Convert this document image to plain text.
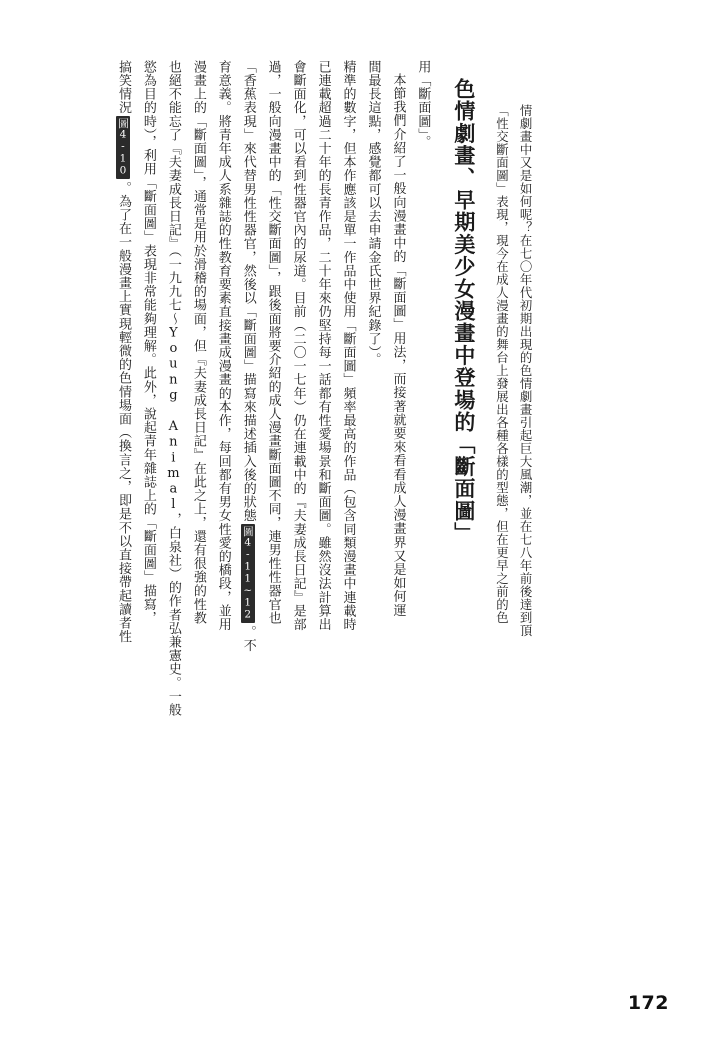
搞笑情況圖4-10。為了在一般漫畫上實現輕微的色情場面（換言之，即是不以直接帶起讀者性 慾為目的時），利用「斷面圖」表現非常能夠理解。此外，說起青年雜誌上的「斷面圖」描寫， 也絕不能忘了『夫妻成長日記』（一九九七～Young Animal，白泉社）的作者弘兼憲史。一般 漫畫上的「斷面圖」，通常是用於滑稽的場面，但『夫妻成長日記』在此之上，還有很強的性教 育意義。將青年成人系雜誌的性教育要素直接畫成漫畫的本作，每回都有男女性愛的橋段，並用 「香蕉表現」來代替男性性器官，然後以「斷面圖」描寫來描述插入後的狀態圖4-11~12。不
過，一般向漫畫中的「性交斷面圖」，跟後面將要介紹的成人漫畫斷面圖不同，連男性性器官也 會斷面化，可以看到性器官內的尿道。目前（二〇一七年）仍在連載中的『夫妻成長日記』是部 已連載超過二十年的長青作品，二十年來仍堅持每一話都有性愛場景和斷面圖。雖然沒法計算出 精準的數字，但本作應該是單一作品中使用「斷面圖」頻率最高的作品（包含同類漫畫中連載時 間最長這點，感覺都可以去申請金氏世界紀錄了）。 本節我們介紹了一般向漫畫中的「斷面圖」用法，而接著就要來看看成人漫畫界又是如何運 用「斷面圖」。 色情劇畫、早期美少女漫畫中登場的「斷面圖」	「性交斷面圖」表現，現今在成人漫畫的舞台上發展出各種各樣的型態，但在更早之前的色 情劇畫中又是如何呢？在七〇年代初期出現的色情劇畫引起巨大風潮，並在七八年前後達到頂
172
